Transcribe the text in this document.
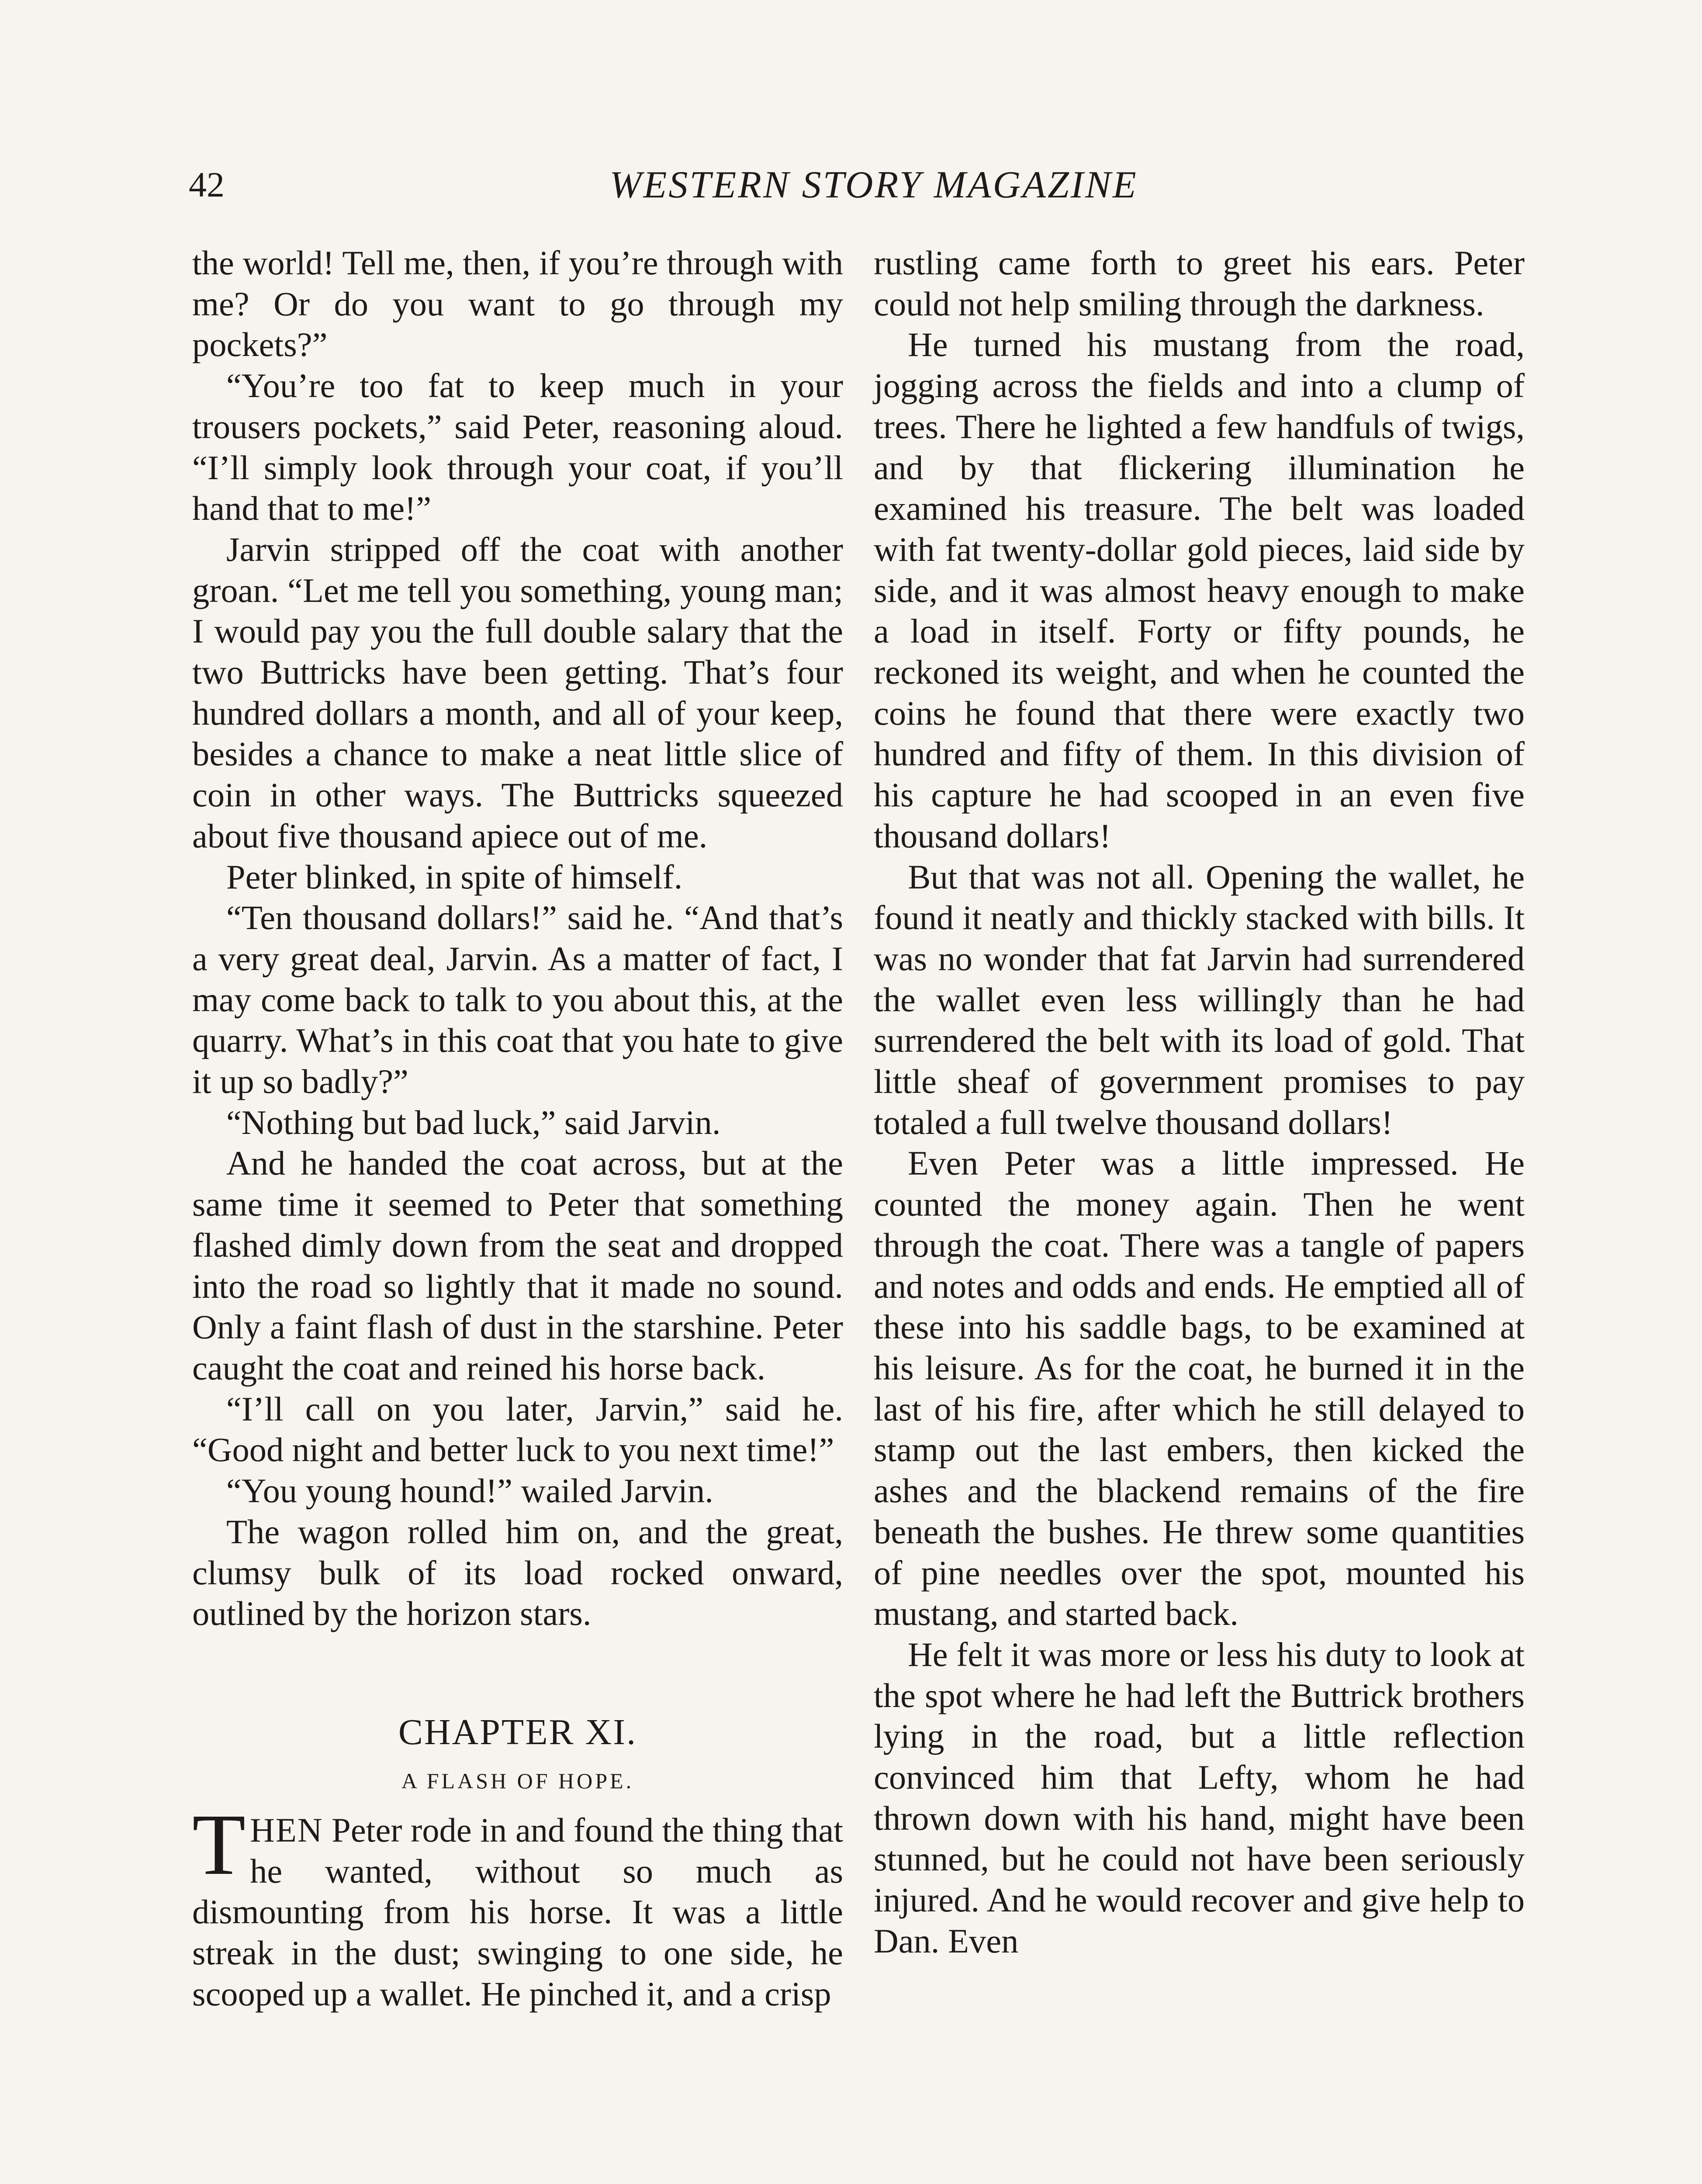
42	WESTERN STORY MAGAZINE

the world! Tell me, then, if you’re through with me? Or do you want to go through my pockets?”

“You’re too fat to keep much in your trousers pockets,” said Peter, reasoning aloud. “I’ll simply look through your coat, if you’ll hand that to me!”

Jarvin stripped off the coat with another groan. “Let me tell you something, young man; I would pay you the full double salary that the two Buttricks have been getting. That’s four hundred dollars a month, and all of your keep, besides a chance to make a neat little slice of coin in other ways. The Buttricks squeezed about five thousand apiece out of me.

Peter blinked, in spite of himself.

“Ten thousand dollars!” said he. “And that’s a very great deal, Jarvin. As a matter of fact, I may come back to talk to you about this, at the quarry. What’s in this coat that you hate to give it up so badly?”

“Nothing but bad luck,” said Jarvin.

And he handed the coat across, but at the same time it seemed to Peter that something flashed dimly down from the seat and dropped into the road so lightly that it made no sound. Only a faint flash of dust in the starshine. Peter caught the coat and reined his horse back.

“I’ll call on you later, Jarvin,” said he. “Good night and better luck to you next time!”

“You young hound!” wailed Jarvin.

The wagon rolled him on, and the great, clumsy bulk of its load rocked onward, outlined by the horizon stars.

CHAPTER XI.
A FLASH OF HOPE.

THEN Peter rode in and found the thing that he wanted, without so much as dismounting from his horse. It was a little streak in the dust; swinging to one side, he scooped up a wallet. He pinched it, and a crisp

rustling came forth to greet his ears. Peter could not help smiling through the darkness.

He turned his mustang from the road, jogging across the fields and into a clump of trees. There he lighted a few handfuls of twigs, and by that flickering illumination he examined his treasure. The belt was loaded with fat twenty-dollar gold pieces, laid side by side, and it was almost heavy enough to make a load in itself. Forty or fifty pounds, he reckoned its weight, and when he counted the coins he found that there were exactly two hundred and fifty of them. In this division of his capture he had scooped in an even five thousand dollars!

But that was not all. Opening the wallet, he found it neatly and thickly stacked with bills. It was no wonder that fat Jarvin had surrendered the wallet even less willingly than he had surrendered the belt with its load of gold. That little sheaf of government promises to pay totaled a full twelve thousand dollars!

Even Peter was a little impressed. He counted the money again. Then he went through the coat. There was a tangle of papers and notes and odds and ends. He emptied all of these into his saddle bags, to be examined at his leisure. As for the coat, he burned it in the last of his fire, after which he still delayed to stamp out the last embers, then kicked the ashes and the blackend remains of the fire beneath the bushes. He threw some quantities of pine needles over the spot, mounted his mustang, and started back.

He felt it was more or less his duty to look at the spot where he had left the Buttrick brothers lying in the road, but a little reflection convinced him that Lefty, whom he had thrown down with his hand, might have been stunned, but he could not have been seriously injured. And he would recover and give help to Dan. Even
